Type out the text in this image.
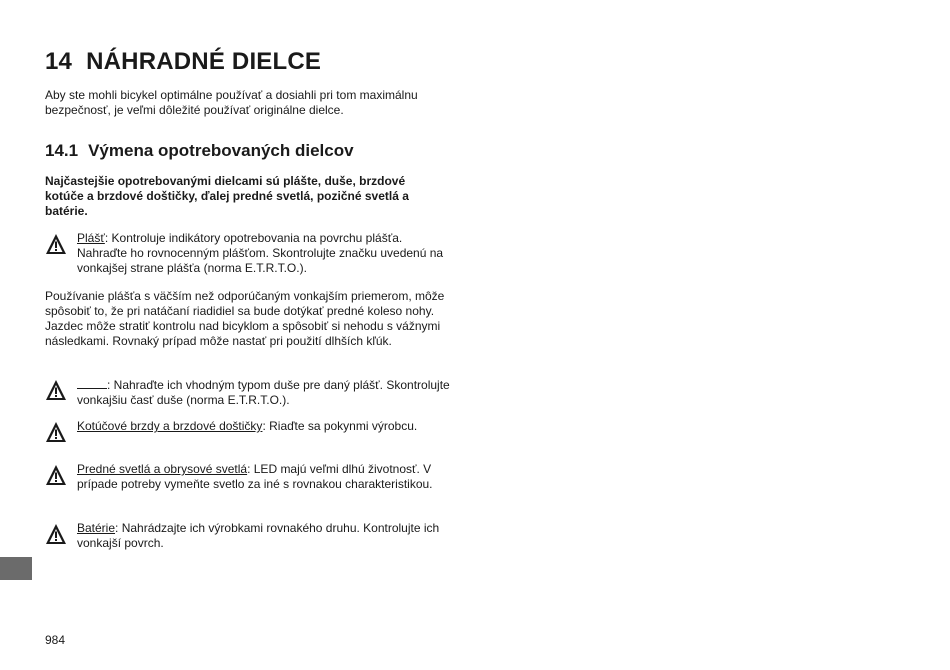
14 NÁHRADNÉ DIELCE

Aby ste mohli bicykel optimálne používať a dosiahli pri tom maximálnu bezpečnosť, je veľmi dôležité používať originálne dielce.

14.1 Výmena opotrebovaných dielcov

Najčastejšie opotrebovanými dielcami sú plášte, duše, brzdové kotúče a brzdové doštičky, ďalej predné svetlá, pozičné svetlá a batérie.

Plášť: Kontroluje indikátory opotrebovania na povrchu plášťa. Nahraďte ho rovnocenným plášťom. Skontrolujte značku uvedenú na vonkajšej strane plášťa (norma E.T.R.T.O.).

Používanie plášťa s väčším než odporúčaným vonkajším priemerom, môže spôsobiť to, že pri natáčaní riadidiel sa bude dotýkať predné koleso nohy. Jazdec môže stratiť kontrolu nad bicyklom a spôsobiť si nehodu s vážnymi následkami. Rovnaký prípad môže nastať pri použití dlhších kľúk.

: Nahraďte ich vhodným typom duše pre daný plášť. Skontrolujte vonkajšiu časť duše (norma E.T.R.T.O.).

Kotúčové brzdy a brzdové doštičky: Riaďte sa pokynmi výrobcu.

Predné svetlá a obrysové svetlá: LED majú veľmi dlhú životnosť. V prípade potreby vymeňte svetlo za iné s rovnakou charakteristikou.

Batérie: Nahrádzajte ich výrobkami rovnakého druhu. Kontrolujte ich vonkajší povrch.

984
